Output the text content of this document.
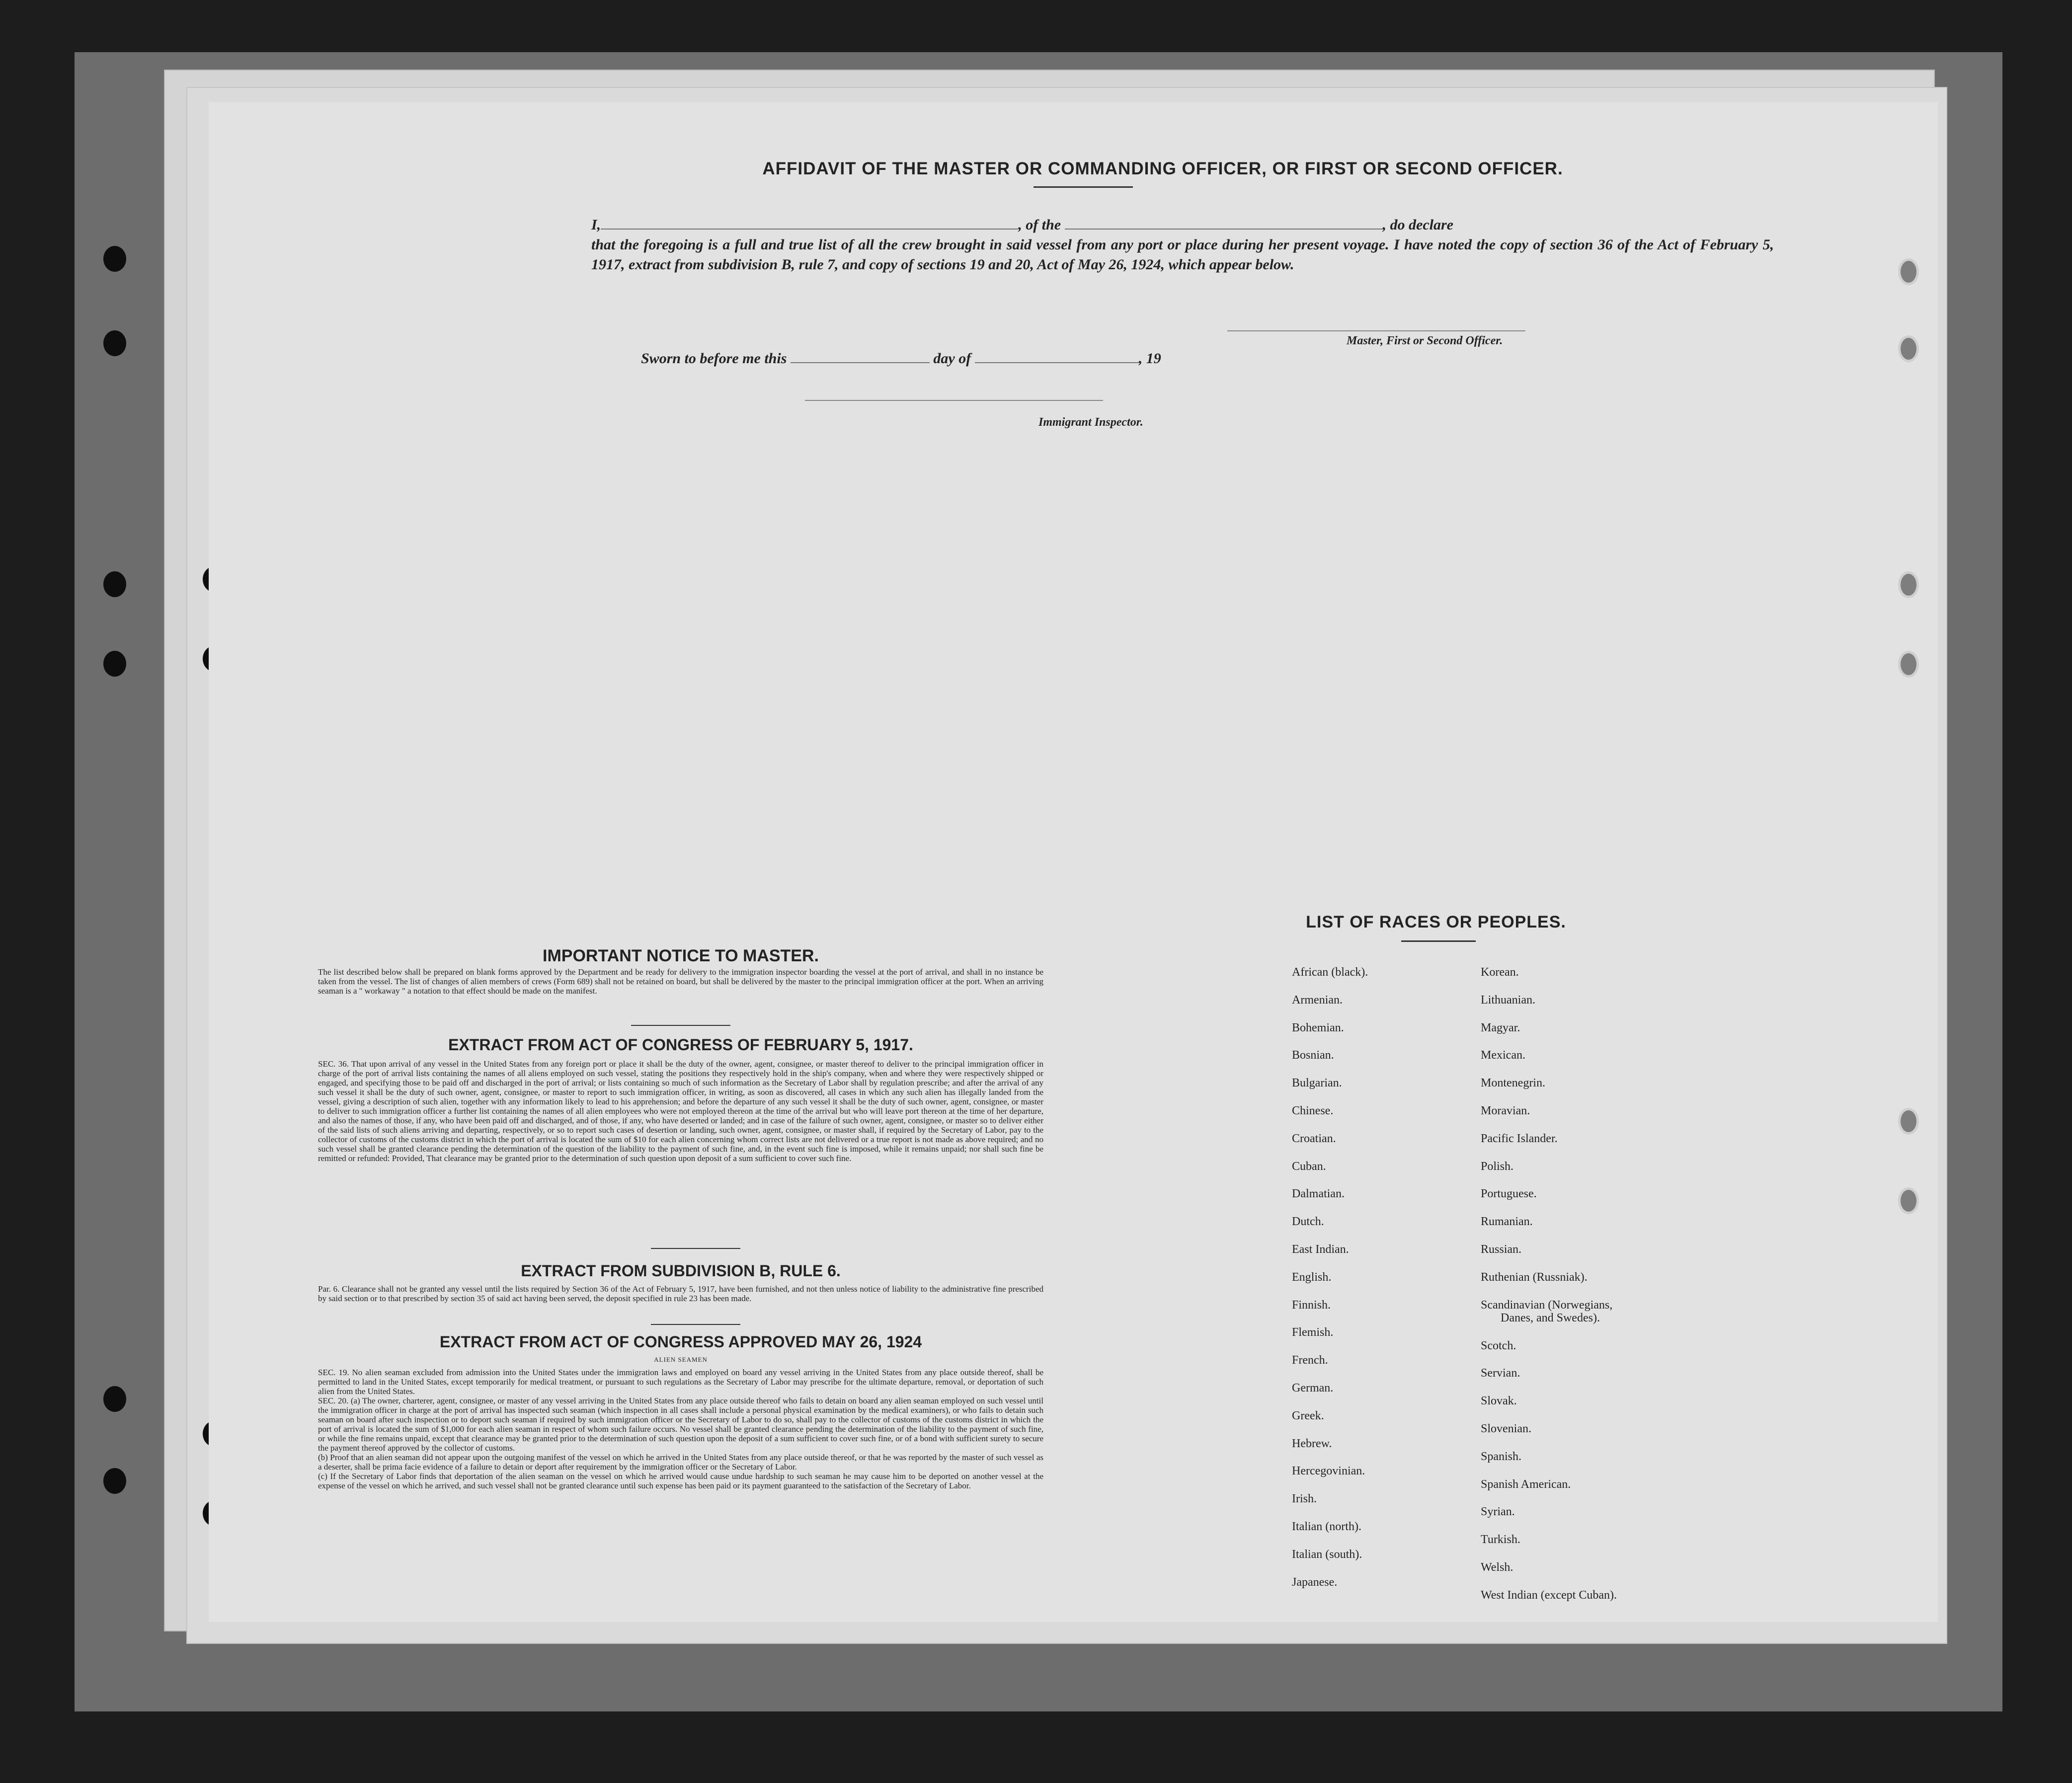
AFFIDAVIT OF THE MASTER OR COMMANDING OFFICER, OR FIRST OR SECOND OFFICER.
I,	, of the	, do declare
that the foregoing is a full and true list of all the crew brought in said vessel from any port or place during her present voyage. I have noted the copy of section 36 of the Act of February 5, 1917, extract from subdivision B, rule 7, and copy of sections 19 and 20, Act of May 26, 1924, which appear below.
Master, First or Second Officer.
Sworn to before me this	day of	, 19
Immigrant Inspector.
IMPORTANT NOTICE TO MASTER.
The list described below shall be prepared on blank forms approved by the Department and be ready for delivery to the immigration inspector boarding the vessel at the port of arrival, and shall in no instance be taken from the vessel. The list of changes of alien members of crews (Form 689) shall not be retained on board, but shall be delivered by the master to the principal immigration officer at the port. When an arriving seaman is a " workaway " a notation to that effect should be made on the manifest.
EXTRACT FROM ACT OF CONGRESS OF FEBRUARY 5, 1917.
SEC. 36. That upon arrival of any vessel in the United States from any foreign port or place it shall be the duty of the owner, agent, consignee, or master thereof to deliver to the principal immigration officer in charge of the port of arrival lists containing the names of all aliens employed on such vessel, stating the positions they respectively hold in the ship's company, when and where they were respectively shipped or engaged, and specifying those to be paid off and discharged in the port of arrival; or lists containing so much of such information as the Secretary of Labor shall by regulation prescribe; and after the arrival of any such vessel it shall be the duty of such owner, agent, consignee, or master to report to such immigration officer, in writing, as soon as discovered, all cases in which any such alien has illegally landed from the vessel, giving a description of such alien, together with any information likely to lead to his apprehension; and before the departure of any such vessel it shall be the duty of such owner, agent, consignee, or master to deliver to such immigration officer a further list containing the names of all alien employees who were not employed thereon at the time of the arrival but who will leave port thereon at the time of her departure, and also the names of those, if any, who have been paid off and discharged, and of those, if any, who have deserted or landed; and in case of the failure of such owner, agent, consignee, or master so to deliver either of the said lists of such aliens arriving and departing, respectively, or so to report such cases of desertion or landing, such owner, agent, consignee, or master shall, if required by the Secretary of Labor, pay to the collector of customs of the customs district in which the port of arrival is located the sum of $10 for each alien concerning whom correct lists are not delivered or a true report is not made as above required; and no such vessel shall be granted clearance pending the determination of the question of the liability to the payment of such fine, and, in the event such fine is imposed, while it remains unpaid; nor shall such fine be remitted or refunded: Provided, That clearance may be granted prior to the determination of such question upon deposit of a sum sufficient to cover such fine.
EXTRACT FROM SUBDIVISION B, RULE 6.
Par. 6. Clearance shall not be granted any vessel until the lists required by Section 36 of the Act of February 5, 1917, have been furnished, and not then unless notice of liability to the administrative fine prescribed by said section or to that prescribed by section 35 of said act having been served, the deposit specified in rule 23 has been made.
EXTRACT FROM ACT OF CONGRESS APPROVED MAY 26, 1924
ALIEN SEAMEN
SEC. 19. No alien seaman excluded from admission into the United States under the immigration laws and employed on board any vessel arriving in the United States from any place outside thereof, shall be permitted to land in the United States, except temporarily for medical treatment, or pursuant to such regulations as the Secretary of Labor may prescribe for the ultimate departure, removal, or deportation of such alien from the United States.
SEC. 20. (a) The owner, charterer, agent, consignee, or master of any vessel arriving in the United States from any place outside thereof who fails to detain on board any alien seaman employed on such vessel until the immigration officer in charge at the port of arrival has inspected such seaman (which inspection in all cases shall include a personal physical examination by the medical examiners), or who fails to detain such seaman on board after such inspection or to deport such seaman if required by such immigration officer or the Secretary of Labor to do so, shall pay to the collector of customs of the customs district in which the port of arrival is located the sum of $1,000 for each alien seaman in respect of whom such failure occurs. No vessel shall be granted clearance pending the determination of the liability to the payment of such fine, or while the fine remains unpaid, except that clearance may be granted prior to the determination of such question upon the deposit of a sum sufficient to cover such fine, or of a bond with sufficient surety to secure the payment thereof approved by the collector of customs.
(b) Proof that an alien seaman did not appear upon the outgoing manifest of the vessel on which he arrived in the United States from any place outside thereof, or that he was reported by the master of such vessel as a deserter, shall be prima facie evidence of a failure to detain or deport after requirement by the immigration officer or the Secretary of Labor.
(c) If the Secretary of Labor finds that deportation of the alien seaman on the vessel on which he arrived would cause undue hardship to such seaman he may cause him to be deported on another vessel at the expense of the vessel on which he arrived, and such vessel shall not be granted clearance until such expense has been paid or its payment guaranteed to the satisfaction of the Secretary of Labor.
LIST OF RACES OR PEOPLES.
African (black).
Armenian.
Bohemian.
Bosnian.
Bulgarian.
Chinese.
Croatian.
Cuban.
Dalmatian.
Dutch.
East Indian.
English.
Finnish.
Flemish.
French.
German.
Greek.
Hebrew.
Hercegovinian.
Irish.
Italian (north).
Italian (south).
Japanese.
Korean.
Lithuanian.
Magyar.
Mexican.
Montenegrin.
Moravian.
Pacific Islander.
Polish.
Portuguese.
Rumanian.
Russian.
Ruthenian (Russniak).
Scandinavian (Norwegians,
Danes, and Swedes).
Scotch.
Servian.
Slovak.
Slovenian.
Spanish.
Spanish American.
Syrian.
Turkish.
Welsh.
West Indian (except Cuban).
